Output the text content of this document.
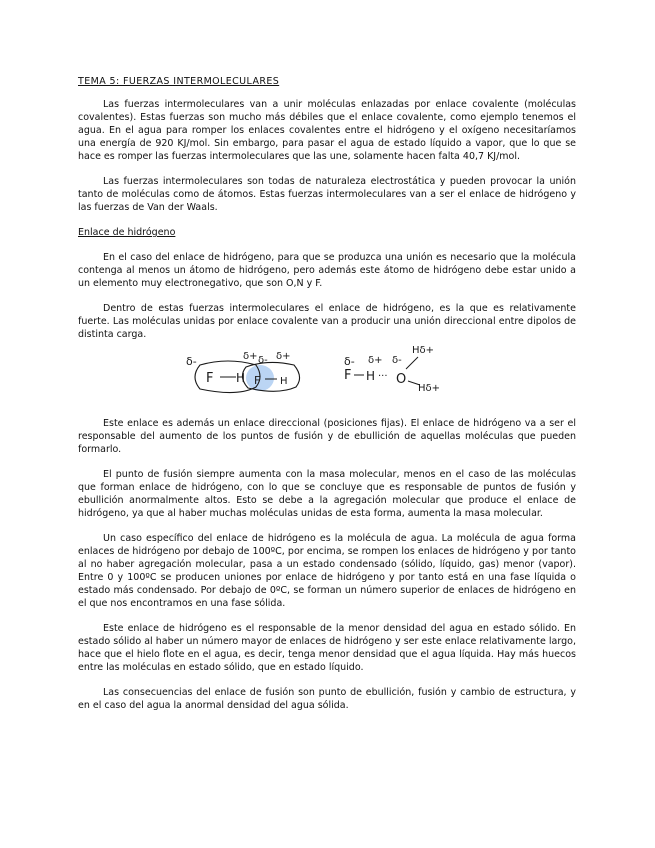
TEMA 5: FUERZAS INTERMOLECULARES

Las fuerzas intermoleculares van a unir moléculas enlazadas por enlace covalente (moléculas covalentes). Estas fuerzas son mucho más débiles que el enlace covalente, como ejemplo tenemos el agua. En el agua para romper los enlaces covalentes entre el hidrógeno y el oxígeno necesitaríamos una energía de 920 KJ/mol. Sin embargo, para pasar el agua de estado líquido a vapor, que lo que se hace es romper las fuerzas intermoleculares que las une, solamente hacen falta 40,7 KJ/mol.

Las fuerzas intermoleculares son todas de naturaleza electrostática y pueden provocar la unión tanto de moléculas como de átomos. Estas fuerzas intermoleculares van a ser el enlace de hidrógeno y las fuerzas de Van der Waals.

Enlace de hidrógeno

En el caso del enlace de hidrógeno, para que se produzca una unión es necesario que la molécula contenga al menos un átomo de hidrógeno, pero además este átomo de hidrógeno debe estar unido a un elemento muy electronegativo, que son O,N y F.

Dentro de estas fuerzas intermoleculares el enlace de hidrógeno, es la que es relativamente fuerte. Las moléculas unidas por enlace covalente van a producir una unión direccional entre dipolos de distinta carga.

δ-	δ+ δ- δ+
F H F H
δ- δ+ δ-
Hδ+
F H ··· O
Hδ+

Este enlace es además un enlace direccional (posiciones fijas). El enlace de hidrógeno va a ser el responsable del aumento de los puntos de fusión y de ebullición de aquellas moléculas que pueden formarlo.

El punto de fusión siempre aumenta con la masa molecular, menos en el caso de las moléculas que forman enlace de hidrógeno, con lo que se concluye que es responsable de puntos de fusión y ebullición anormalmente altos. Esto se debe a la agregación molecular que produce el enlace de hidrógeno, ya que al haber muchas moléculas unidas de esta forma, aumenta la masa molecular.

Un caso específico del enlace de hidrógeno es la molécula de agua. La molécula de agua forma enlaces de hidrógeno por debajo de 100ºC, por encima, se rompen los enlaces de hidrógeno y por tanto al no haber agregación molecular, pasa a un estado condensado (sólido, líquido, gas) menor (vapor). Entre 0 y 100ºC se producen uniones por enlace de hidrógeno y por tanto está en una fase líquida o estado más condensado. Por debajo de 0ºC, se forman un número superior de enlaces de hidrógeno en el que nos encontramos en una fase sólida.

Este enlace de hidrógeno es el responsable de la menor densidad del agua en estado sólido. En estado sólido al haber un número mayor de enlaces de hidrógeno y ser este enlace relativamente largo, hace que el hielo flote en el agua, es decir, tenga menor densidad que el agua líquida. Hay más huecos entre las moléculas en estado sólido, que en estado líquido.

Las consecuencias del enlace de fusión son punto de ebullición, fusión y cambio de estructura, y en el caso del agua la anormal densidad del agua sólida.
